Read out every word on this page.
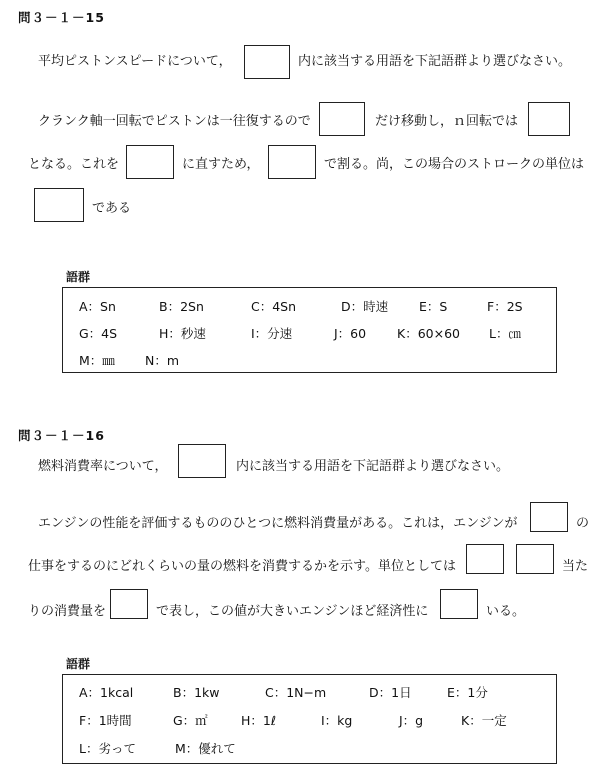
問３－１－15
平均ピストンスピードについて，	内に該当する用語を下記語群より選びなさい。
クランク軸一回転でピストンは一往復するので	だけ移動し，ｎ回転では
となる。これを	に直すため，	で割る。尚，この場合のストロークの単位は
である
語群
A：Sn	B：2Sn	C：4Sn	D：時速 E：S	F：2S
G：4S	H：秒速	I：分速	J：60 K：60×60 L：㎝
M：㎜ N：m
問３－１－16
燃料消費率について，	内に該当する用語を下記語群より選びなさい。
エンジンの性能を評価するもののひとつに燃料消費量がある。これは，エンジンが	の
仕事をするのにどれくらいの量の燃料を消費するかを示す。単位としては	当た
りの消費量を	で表し，この値が大きいエンジンほど経済性に	いる。
語群
A：1kcal	B：1kw	C：1N−m	D：1日	E：1分
F：1時間	G：㎡	H：1ℓ	I：kg	J：g	K：一定
L：劣って	M：優れて
